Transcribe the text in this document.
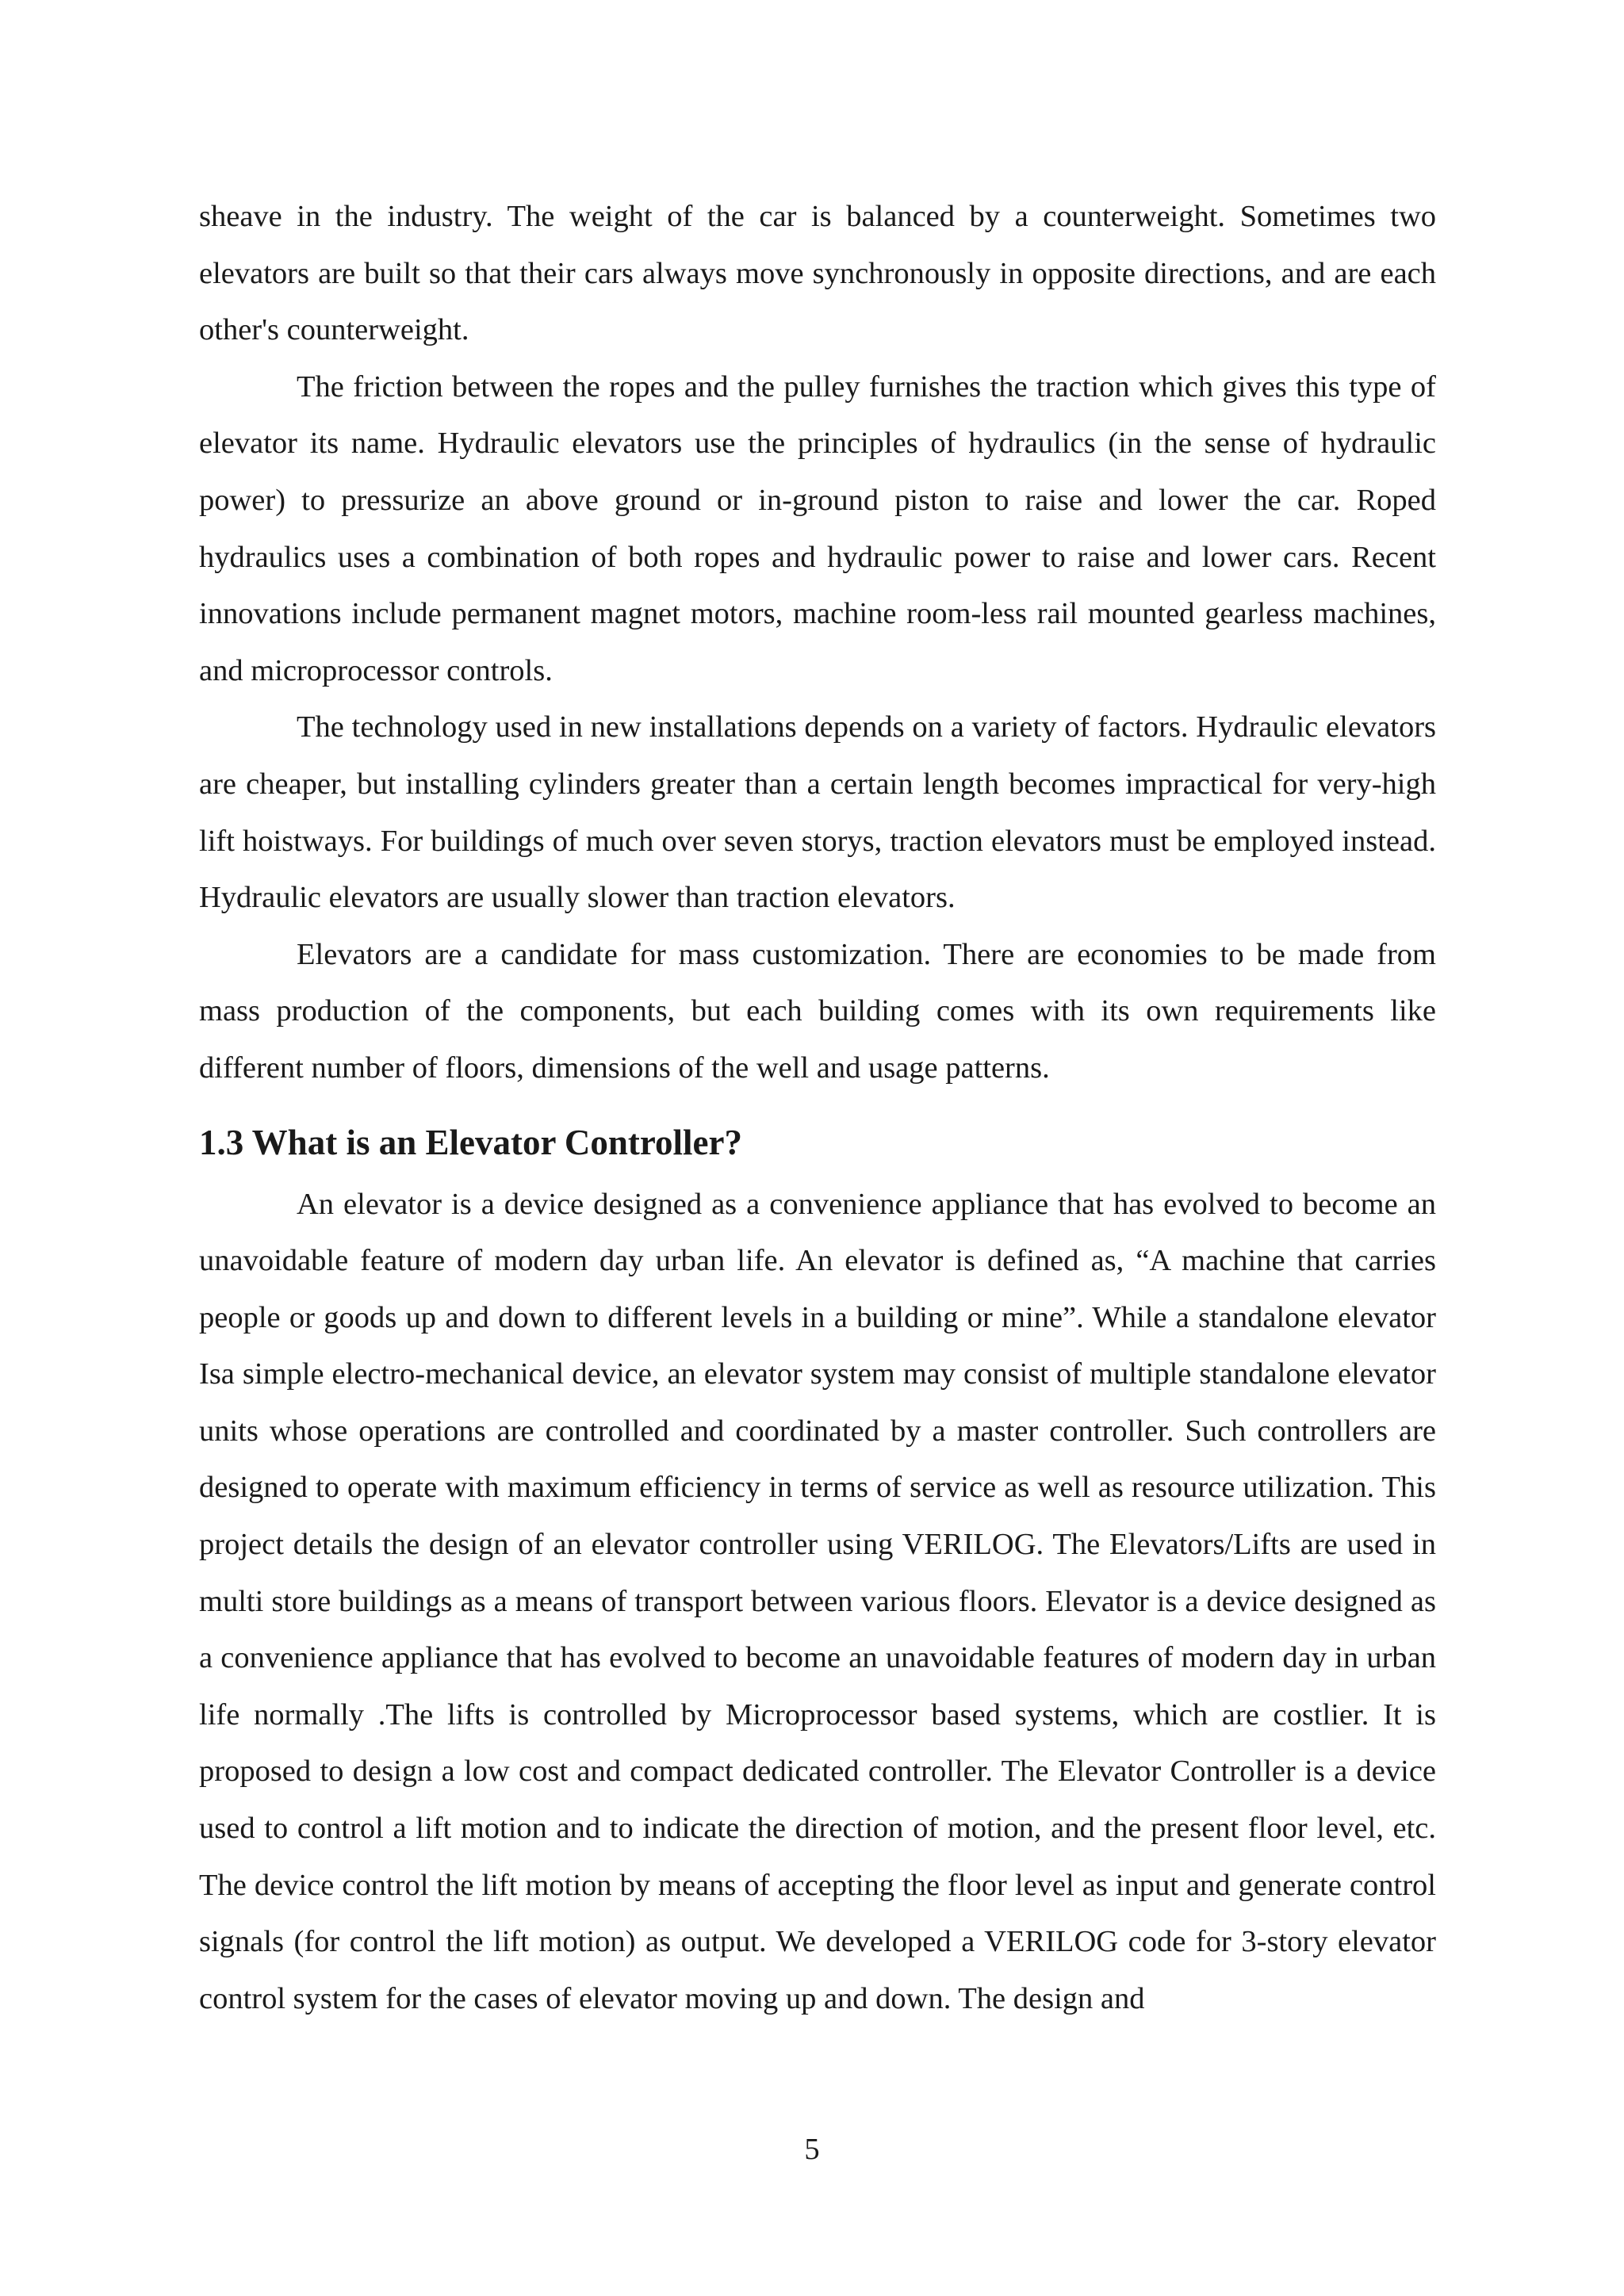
sheave in the industry. The weight of the car is balanced by a counterweight. Sometimes two elevators are built so that their cars always move synchronously in opposite directions, and are each other's counterweight.

The friction between the ropes and the pulley furnishes the traction which gives this type of elevator its name. Hydraulic elevators use the principles of hydraulics (in the sense of hydraulic power) to pressurize an above ground or in-ground piston to raise and lower the car. Roped hydraulics uses a combination of both ropes and hydraulic power to raise and lower cars. Recent innovations include permanent magnet motors, machine room-less rail mounted gearless machines, and microprocessor controls.

The technology used in new installations depends on a variety of factors. Hydraulic elevators are cheaper, but installing cylinders greater than a certain length becomes impractical for very-high lift hoistways. For buildings of much over seven storys, traction elevators must be employed instead. Hydraulic elevators are usually slower than traction elevators.

Elevators are a candidate for mass customization. There are economies to be made from mass production of the components, but each building comes with its own requirements like different number of floors, dimensions of the well and usage patterns.

1.3 What is an Elevator Controller?

An elevator is a device designed as a convenience appliance that has evolved to become an unavoidable feature of modern day urban life. An elevator is defined as, “A machine that carries people or goods up and down to different levels in a building or mine”. While a standalone elevator Isa simple electro-mechanical device, an elevator system may consist of multiple standalone elevator units whose operations are controlled and coordinated by a master controller. Such controllers are designed to operate with maximum efficiency in terms of service as well as resource utilization. This project details the design of an elevator controller using VERILOG. The Elevators/Lifts are used in multi store buildings as a means of transport between various floors. Elevator is a device designed as a convenience appliance that has evolved to become an unavoidable features of modern day in urban life normally .The lifts is controlled by Microprocessor based systems, which are costlier. It is proposed to design a low cost and compact dedicated controller. The Elevator Controller is a device used to control a lift motion and to indicate the direction of motion, and the present floor level, etc. The device control the lift motion by means of accepting the floor level as input and generate control signals (for control the lift motion) as output. We developed a VERILOG code for 3-story elevator control system for the cases of elevator moving up and down. The design and

5
